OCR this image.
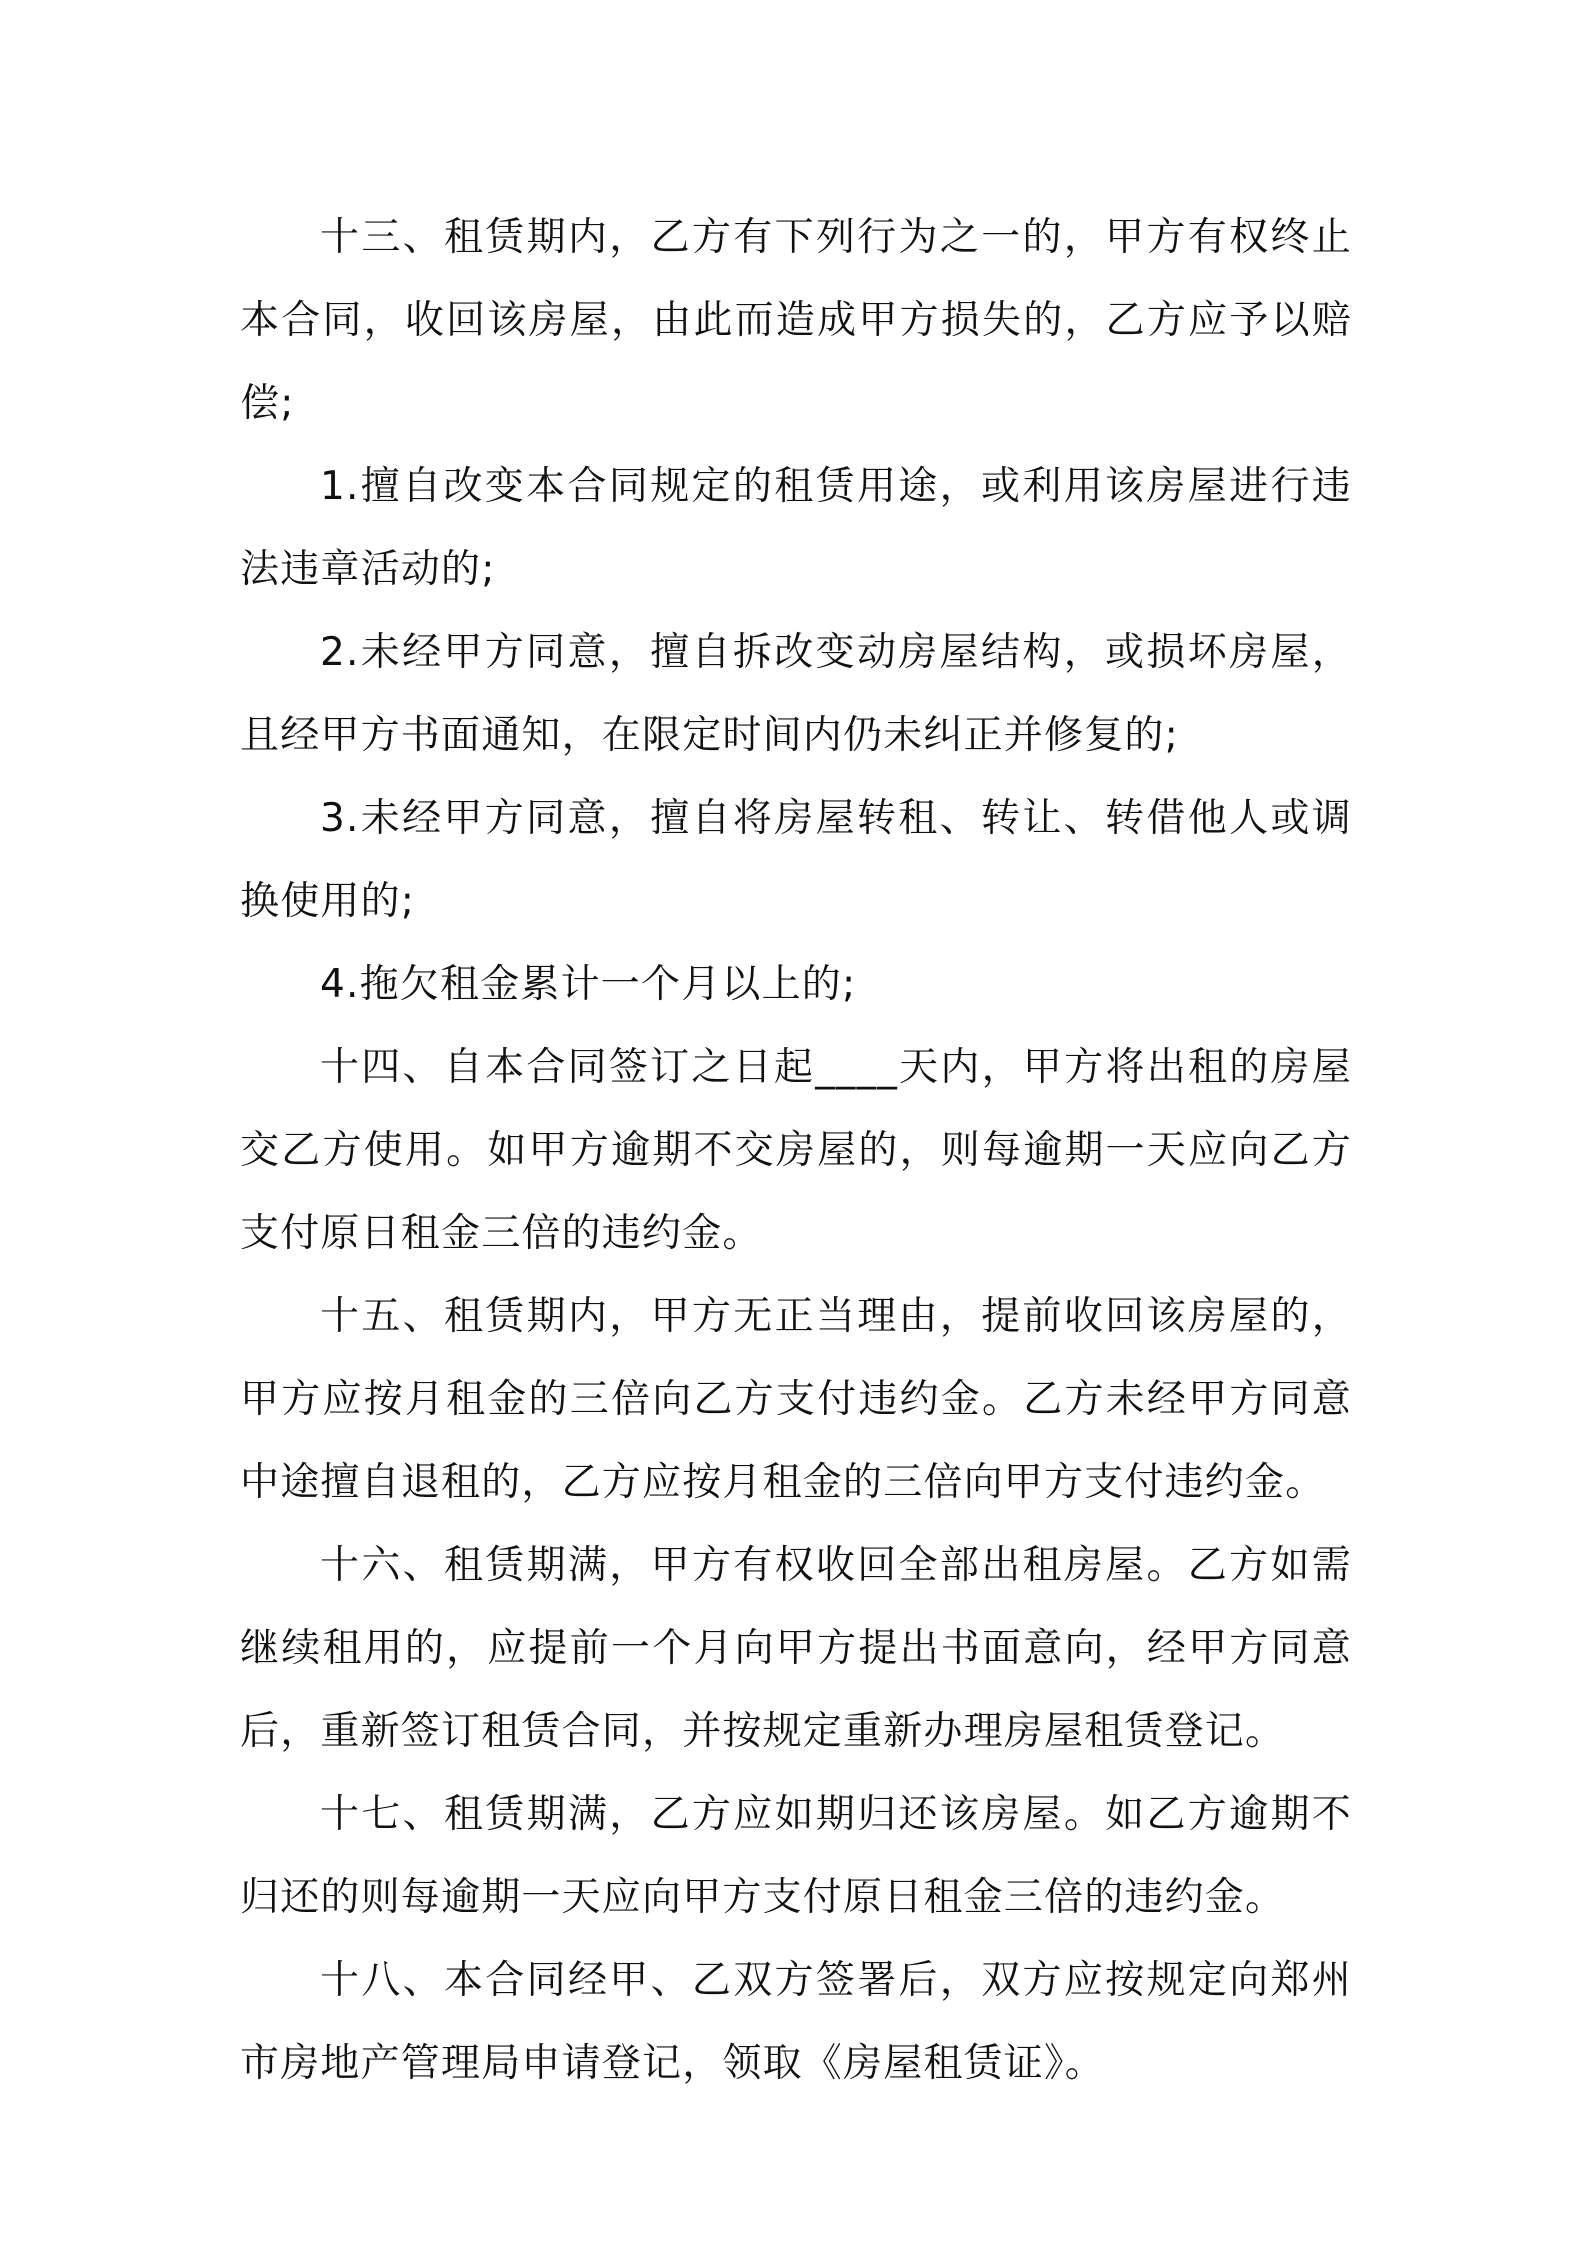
十三、租赁期内，乙方有下列行为之一的，甲方有权终止本合同，收回该房屋，由此而造成甲方损失的，乙方应予以赔偿;

1.擅自改变本合同规定的租赁用途，或利用该房屋进行违法违章活动的;

2.未经甲方同意，擅自拆改变动房屋结构，或损坏房屋，且经甲方书面通知，在限定时间内仍未纠正并修复的;

3.未经甲方同意，擅自将房屋转租、转让、转借他人或调换使用的;

4.拖欠租金累计一个月以上的;

十四、自本合同签订之日起____天内，甲方将出租的房屋交乙方使用。如甲方逾期不交房屋的，则每逾期一天应向乙方支付原日租金三倍的违约金。

十五、租赁期内，甲方无正当理由，提前收回该房屋的，甲方应按月租金的三倍向乙方支付违约金。乙方未经甲方同意中途擅自退租的，乙方应按月租金的三倍向甲方支付违约金。

十六、租赁期满，甲方有权收回全部出租房屋。乙方如需继续租用的，应提前一个月向甲方提出书面意向，经甲方同意后，重新签订租赁合同，并按规定重新办理房屋租赁登记。

十七、租赁期满，乙方应如期归还该房屋。如乙方逾期不归还的则每逾期一天应向甲方支付原日租金三倍的违约金。

十八、本合同经甲、乙双方签署后，双方应按规定向郑州市房地产管理局申请登记，领取《房屋租赁证》。
